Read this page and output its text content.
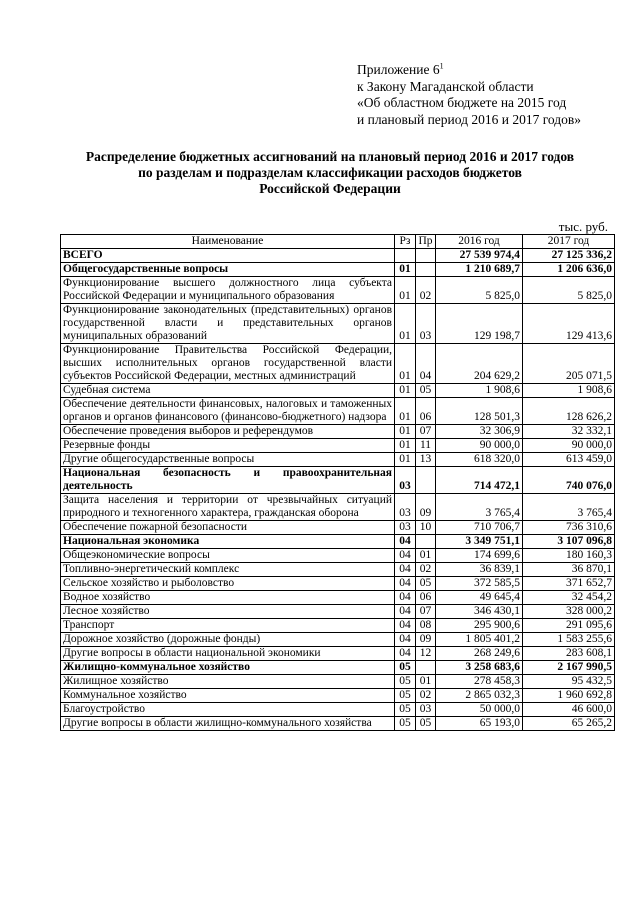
Приложение $6^1$
к Закону Магаданской области
«Об областном бюджете на 2015 год
и плановый период 2016 и 2017 годов»
Распределение бюджетных ассигнований на плановый период 2016 и 2017 годов
по разделам и подразделам классификации расходов бюджетов
Российской Федерации
тыс. руб.
Наименование	Рз	Пр	2016 год	2017 год
ВСЕГО			27 539 974,4	27 125 336,2
Общегосударственные вопросы	01		1 210 689,7	1 206 636,0
Функционирование высшего должностного лица субъекта Российской Федерации и муниципального образования	01	02	5 825,0	5 825,0
Функционирование законодательных (представительных) органов государственной власти и представительных органов муниципальных образований	01	03	129 198,7	129 413,6
Функционирование Правительства Российской Федерации, высших исполнительных органов государственной власти субъектов Российской Федерации, местных администраций	01	04	204 629,2	205 071,5
Судебная система	01	05	1 908,6	1 908,6
Обеспечение деятельности финансовых, налоговых и таможенных органов и органов финансового (финансово-бюджетного) надзора	01	06	128 501,3	128 626,2
Обеспечение проведения выборов и референдумов	01	07	32 306,9	32 332,1
Резервные фонды	01	11	90 000,0	90 000,0
Другие общегосударственные вопросы	01	13	618 320,0	613 459,0
Национальная безопасность и правоохранительная деятельность	03		714 472,1	740 076,0
Защита населения и территории от чрезвычайных ситуаций природного и техногенного характера, гражданская оборона	03	09	3 765,4	3 765,4
Обеспечение пожарной безопасности	03	10	710 706,7	736 310,6
Национальная экономика	04		3 349 751,1	3 107 096,8
Общеэкономические вопросы	04	01	174 699,6	180 160,3
Топливно-энергетический комплекс	04	02	36 839,1	36 870,1
Сельское хозяйство и рыболовство	04	05	372 585,5	371 652,7
Водное хозяйство	04	06	49 645,4	32 454,2
Лесное хозяйство	04	07	346 430,1	328 000,2
Транспорт	04	08	295 900,6	291 095,6
Дорожное хозяйство (дорожные фонды)	04	09	1 805 401,2	1 583 255,6
Другие вопросы в области национальной экономики	04	12	268 249,6	283 608,1
Жилищно-коммунальное хозяйство	05		3 258 683,6	2 167 990,5
Жилищное хозяйство	05	01	278 458,3	95 432,5
Коммунальное хозяйство	05	02	2 865 032,3	1 960 692,8
Благоустройство	05	03	50 000,0	46 600,0
Другие вопросы в области жилищно-коммунального хозяйства	05	05	65 193,0	65 265,2
